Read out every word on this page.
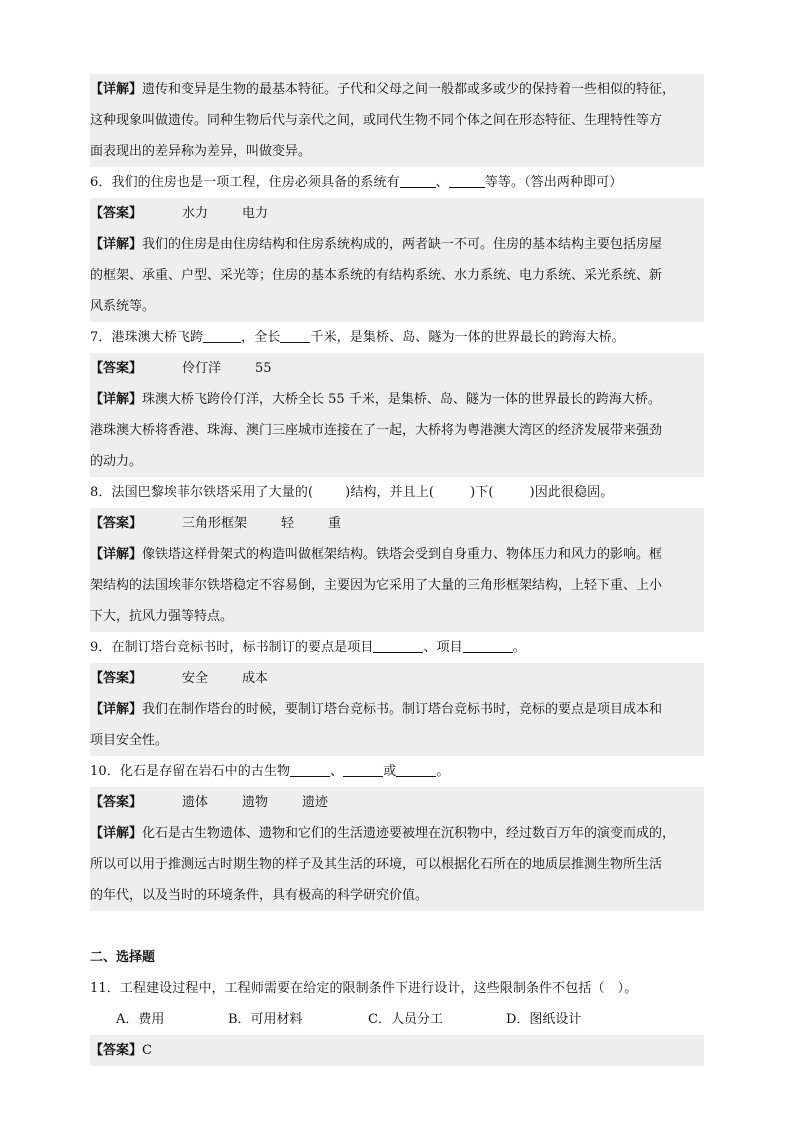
【详解】遗传和变异是生物的最基本特征。子代和父母之间一般都或多或少的保持着一些相似的特征，
这种现象叫做遗传。同种生物后代与亲代之间，或同代生物不同个体之间在形态特征、生理特性等方
面表现出的差异称为差异，叫做变异。
6．我们的住房也是一项工程，住房必须具备的系统有	、	等等。（答出两种即可）
【答案】	水力	电力
【详解】我们的住房是由住房结构和住房系统构成的，两者缺一不可。住房的基本结构主要包括房屋
的框架、承重、户型、采光等；住房的基本系统的有结构系统、水力系统、电力系统、采光系统、新
风系统等。
7．港珠澳大桥飞跨	，全长 千米，是集桥、岛、隧为一体的世界最长的跨海大桥。
【答案】	伶仃洋	55
【详解】珠澳大桥飞跨伶仃洋，大桥全长 55 千米，是集桥、岛、隧为一体的世界最长的跨海大桥。
港珠澳大桥将香港、珠海、澳门三座城市连接在了一起，大桥将为粤港澳大湾区的经济发展带来强劲
的动力。
8．法国巴黎埃菲尔铁塔采用了大量的( )结构，并且上(	)下(	)因此很稳固。
【答案】	三角形框架	轻	重
【详解】像铁塔这样骨架式的构造叫做框架结构。铁塔会受到自身重力、物体压力和风力的影响。框
架结构的法国埃菲尔铁塔稳定不容易倒，主要因为它采用了大量的三角形框架结构，上轻下重、上小
下大，抗风力强等特点。
9．在制订塔台竞标书时，标书制订的要点是项目	、项目	。
【答案】	安全	成本
【详解】我们在制作塔台的时候，要制订塔台竞标书。制订塔台竞标书时，竞标的要点是项目成本和
项目安全性。
10．化石是存留在岩石中的古生物	、	或	。
【答案】	遗体	遗物	遗迹
【详解】化石是古生物遗体、遗物和它们的生活遗迹要被埋在沉积物中，经过数百万年的演变而成的，
所以可以用于推测远古时期生物的样子及其生活的环境，可以根据化石所在的地质层推测生物所生活
的年代，以及当时的环境条件，具有极高的科学研究价值。
二、选择题
11．工程建设过程中，工程师需要在给定的限制条件下进行设计，这些限制条件不包括（　）。
A．费用	B．可用材料	C．人员分工	D．图纸设计
【答案】C
